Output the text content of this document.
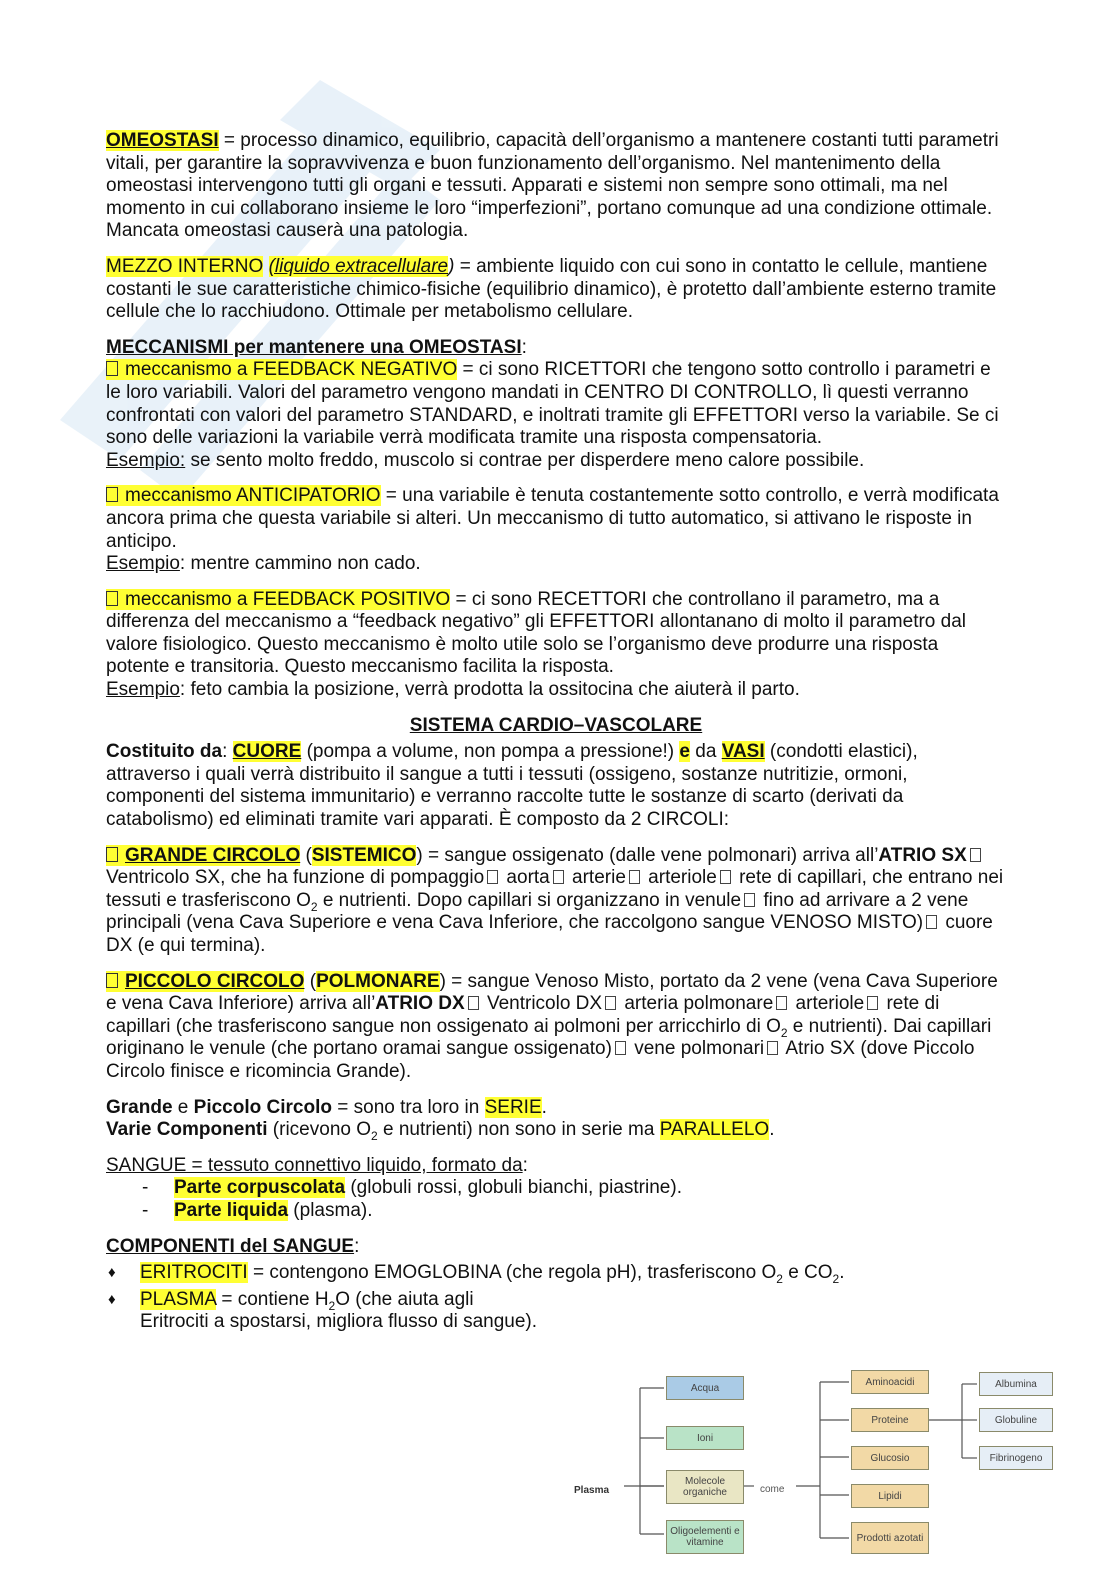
OMEOSTASI = processo dinamico, equilibrio, capacità dell’organismo a mantenere costanti tutti parametri vitali, per garantire la sopravvivenza e buon funzionamento dell’organismo. Nel mantenimento della omeostasi intervengono tutti gli organi e tessuti. Apparati e sistemi non sempre sono ottimali, ma nel momento in cui collaborano insieme le loro “imperfezioni”, portano comunque ad una condizione ottimale. Mancata omeostasi causerà una patologia.

MEZZO INTERNO (liquido extracellulare) = ambiente liquido con cui sono in contatto le cellule, mantiene costanti le sue caratteristiche chimico-fisiche (equilibrio dinamico), è protetto dall’ambiente esterno tramite cellule che lo racchiudono. Ottimale per metabolismo cellulare.

MECCANISMI per mantenere una OMEOSTASI:
meccanismo a FEEDBACK NEGATIVO = ci sono RICETTORI che tengono sotto controllo i parametri e le loro variabili. Valori del parametro vengono mandati in CENTRO DI CONTROLLO, lì questi verranno confrontati con valori del parametro STANDARD, e inoltrati tramite gli EFFETTORI verso la variabile. Se ci sono delle variazioni la variabile verrà modificata tramite una risposta compensatoria.
Esempio: se sento molto freddo, muscolo si contrae per disperdere meno calore possibile.

meccanismo ANTICIPATORIO = una variabile è tenuta costantemente sotto controllo, e verrà modificata ancora prima che questa variabile si alteri. Un meccanismo di tutto automatico, si attivano le risposte in anticipo.
Esempio: mentre cammino non cado.

meccanismo a FEEDBACK POSITIVO = ci sono RECETTORI che controllano il parametro, ma a differenza del meccanismo a “feedback negativo” gli EFFETTORI allontanano di molto il parametro dal valore fisiologico. Questo meccanismo è molto utile solo se l’organismo deve produrre una risposta potente e transitoria. Questo meccanismo facilita la risposta.
Esempio: feto cambia la posizione, verrà prodotta la ossitocina che aiuterà il parto.

SISTEMA CARDIO–VASCOLARE

Costituito da: CUORE (pompa a volume, non pompa a pressione!) e da VASI (condotti elastici), attraverso i quali verrà distribuito il sangue a tutti i tessuti (ossigeno, sostanze nutritizie, ormoni, componenti del sistema immunitario) e verranno raccolte tutte le sostanze di scarto (derivati da catabolismo) ed eliminati tramite vari apparati. È composto da 2 CIRCOLI:

GRANDE CIRCOLO (SISTEMICO) = sangue ossigenato (dalle vene polmonari) arriva all’ATRIO SX Ventricolo SX, che ha funzione di pompaggio aorta arterie arteriole rete di capillari, che entrano nei tessuti e trasferiscono $O_2$ e nutrienti. Dopo capillari si organizzano in venule fino ad arrivare a 2 vene principali (vena Cava Superiore e vena Cava Inferiore, che raccolgono sangue VENOSO MISTO) cuore DX (e qui termina).

PICCOLO CIRCOLO (POLMONARE) = sangue Venoso Misto, portato da 2 vene (vena Cava Superiore e vena Cava Inferiore) arriva all’ATRIO DX Ventricolo DX arteria polmonare arteriole rete di capillari (che trasferiscono sangue non ossigenato ai polmoni per arricchirlo di $O_2$ e nutrienti). Dai capillari originano le venule (che portano oramai sangue ossigenato) vene polmonari Atrio SX (dove Piccolo Circolo finisce e ricomincia Grande).

Grande e Piccolo Circolo = sono tra loro in SERIE.
Varie Componenti (ricevono $O_2$ e nutrienti) non sono in serie ma PARALLELO.

SANGUE = tessuto connettivo liquido, formato da:

- Parte corpuscolata (globuli rossi, globuli bianchi, piastrine).
- Parte liquida (plasma).

COMPONENTI del SANGUE:

♦ ERITROCITI = contengono EMOGLOBINA (che regola pH), trasferiscono $O_2$ e $CO_2$.
♦ PLASMA = contiene $H_2O$ (che aiuta agli Eritrociti a spostarsi, migliora flusso di sangue).
Plasma	come
Acqua
Ioni
Molecole organiche
Oligoelementi e vitamine
Aminoacidi
Proteine
Glucosio
Lipidi
Prodotti azotati
Albumina
Globuline
Fibrinogeno
